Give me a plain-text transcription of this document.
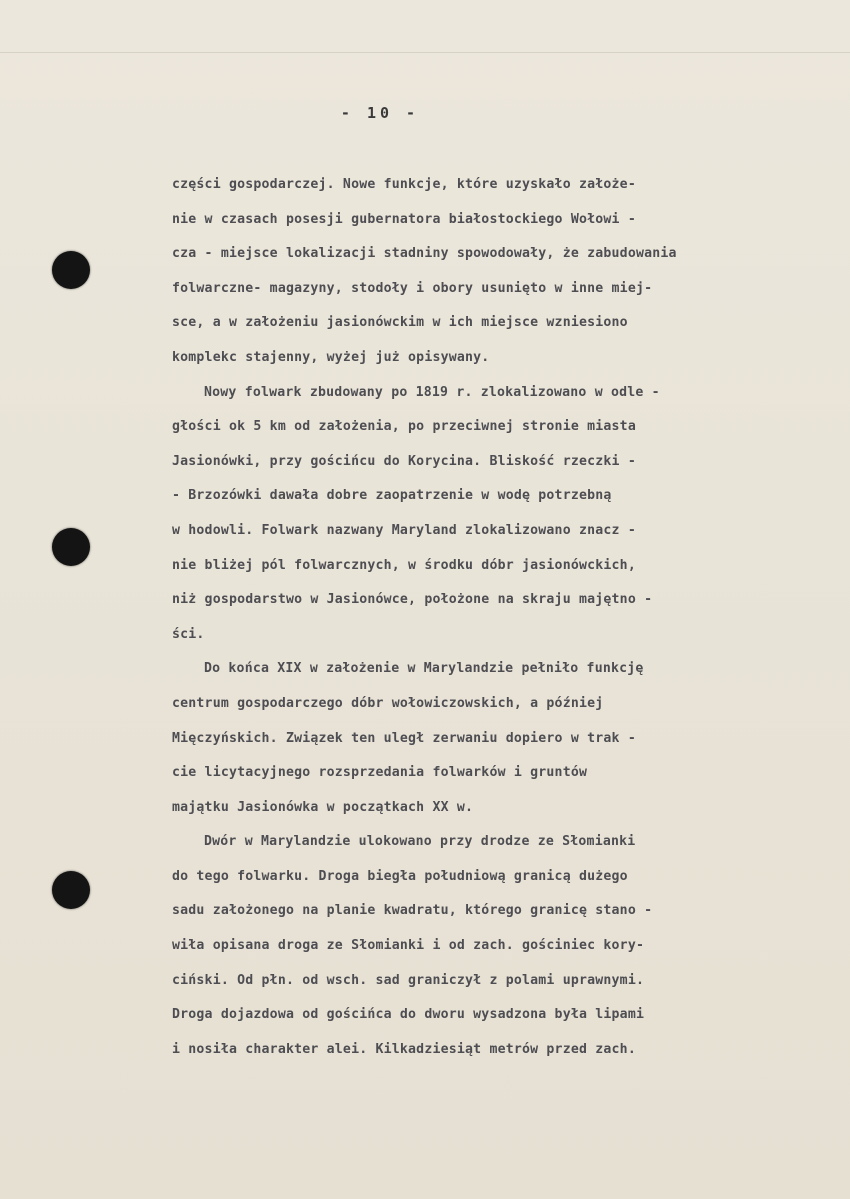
- 10 -
części gospodarczej. Nowe funkcje, które uzyskało założe-
nie w czasach posesji gubernatora białostockiego Wołowi -
cza - miejsce lokalizacji stadniny spowodowały, że zabudowania
folwarczne- magazyny, stodoły i obory usunięto w inne miej-
sce, a w założeniu jasionówckim w ich miejsce wzniesiono
komplekс stajenny, wyżej już opisywany.
Nowy folwark zbudowany po 1819 r. zlokalizowano w odle -
głości ok 5 km od założenia, po przeciwnej stronie miasta
Jasionówki, przy gościńcu do Korycina. Bliskość rzeczki -
- Brzozówki dawała dobre zaopatrzenie w wodę potrzebną
w hodowli. Folwark nazwany Maryland zlokalizowano znacz -
nie bliżej pól folwarcznych, w środku dóbr jasionówckich,
niż gospodarstwo w Jasionówce, położone na skraju majętno -
ści.
Do końca XIX w założenie w Marylandzie pełniło funkcję
centrum gospodarczego dóbr wołowiczowskich, a później
Mięczyńskich. Związek ten uległ zerwaniu dopiero w trak -
cie licytacyjnego rozsprzedania folwarków i gruntów
majątku Jasionówka w początkach XX w.
Dwór w Marylandzie ulokowano przy drodze ze Słomianki
do tego folwarku. Droga biegła południową granicą dużego
sadu założonego na planie kwadratu, którego granicę stano -
wiła opisana droga ze Słomianki i od zach. gościniec kory-
ciński. Od płn. od wsch. sad graniczył z polami uprawnymi.
Droga dojazdowa od gościńca do dworu wysadzona była lipami
i nosiła charakter alei. Kilkadziesiąt metrów przed zach.
